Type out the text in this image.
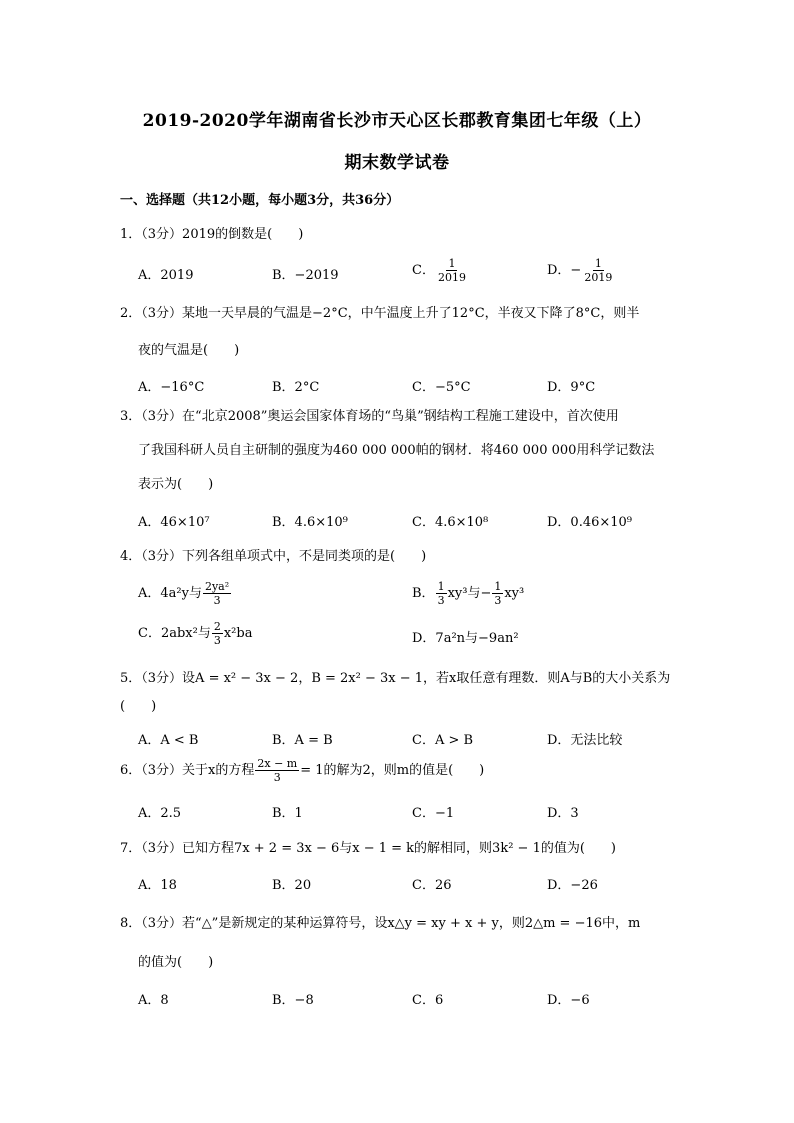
2019-2020学年湖南省长沙市天心区长郡教育集团七年级（上）
期末数学试卷
一、选择题（共12小题，每小题3分，共36分）
1．（3分）2019的倒数是(　　)
A．2019	B．−2019	C． $\frac{1}{2019}$	D．− $\frac{1}{2019}$
2．（3分）某地一天早晨的气温是−2°C，中午温度上升了12°C，半夜又下降了8°C，则半
夜的气温是(　　)
A．−16°C	B．2°C	C．−5°C	D．9°C
3．（3分）在“北京2008”奥运会国家体育场的“鸟巢”钢结构工程施工建设中，首次使用
了我国科研人员自主研制的强度为460 000 000帕的钢材．将460 000 000用科学记数法
表示为(　　)
A．46×10⁷	B．4.6×10⁹	C．4.6×10⁸	D．0.46×10⁹
4．（3分）下列各组单项式中，不是同类项的是(　　)
A．4a²y与 $\frac{\text{2ya²}}{3}$	B． $\frac{1}{3} xy^3$与− $\frac{1}{3} xy^3$
C．2abx²与 $\frac{2}{3} x^2ba$	D．7a²n与−9an²
5．（3分）设A = x² − 3x − 2，B = 2x² − 3x − 1，若x取任意有理数．则A与B的大小关系为
(　　)
A．A < B	B．A = B	C．A > B	D．无法比较
6．（3分）关于x的方程 $\frac{2x - m}{3} = 1$的解为2，则m的值是(　　)
A．2.5	B．1	C．−1	D．3
7．（3分）已知方程7x + 2 = 3x − 6与x − 1 = k的解相同，则3k² − 1的值为(　　)
A．18	B．20	C．26	D．−26
8．（3分）若“△”是新规定的某种运算符号，设x△y = xy + x + y，则2△m = −16中，m
的值为(　　)
A．8	B．−8	C．6	D．−6
